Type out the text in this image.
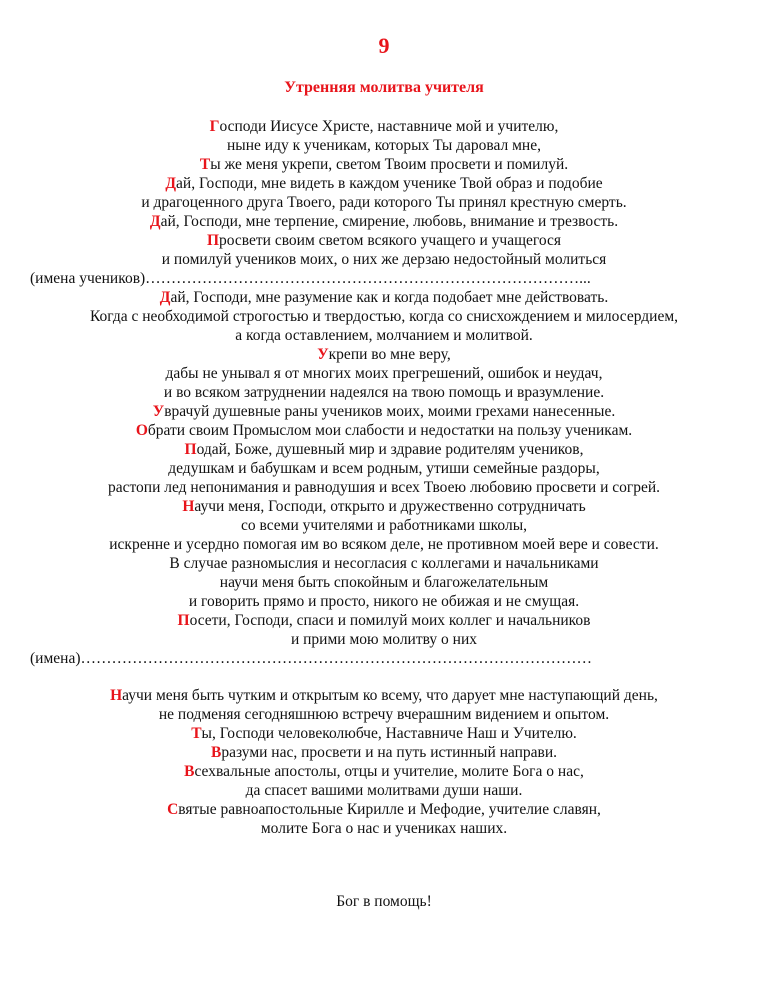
9
Утренняя молитва учителя
Господи Иисусе Христе, наставниче мой и учителю,
ныне иду к ученикам, которых Ты даровал мне,
Ты же меня укрепи, светом Твоим просвети и помилуй.
Дай, Господи, мне видеть в каждом ученике Твой образ и подобие
и драгоценного друга Твоего, ради которого Ты принял крестную смерть.
Дай, Господи, мне терпение, смирение, любовь, внимание и трезвость.
Просвети своим светом всякого учащего и учащегося
и помилуй учеников моих, о них же дерзаю недостойный молиться
(имена учеников)…………………………………………………………………………...
Дай, Господи, мне разумение как и когда подобает мне действовать.
Когда с необходимой строгостью и твердостью, когда со снисхождением и милосердием,
а когда оставлением, молчанием и молитвой.
Укрепи во мне веру,
дабы не унывал я от многих моих прегрешений, ошибок и неудач,
и во всяком затруднении надеялся на твою помощь и вразумление.
Уврачуй душевные раны учеников моих, моими грехами нанесенные.
Обрати своим Промыслом мои слабости и недостатки на пользу ученикам.
Подай, Боже, душевный мир и здравие родителям учеников,
дедушкам и бабушкам и всем родным, утиши семейные раздоры,
растопи лед непонимания и равнодушия и всех Твоею любовию просвети и согрей.
Научи меня, Господи, открыто и дружественно сотрудничать
со всеми учителями и работниками школы,
искренне и усердно помогая им во всяком деле, не противном моей вере и совести.
В случае разномыслия и несогласия с коллегами и начальниками
научи меня быть спокойным и благожелательным
и говорить прямо и просто, никого не обижая и не смущая.
Посети, Господи, спаси и помилуй моих коллег и начальников
и прими мою молитву о них
(имена)………………………………………………………………………………………
Научи меня быть чутким и открытым ко всему, что дарует мне наступающий день,
не подменяя сегодняшнюю встречу вчерашним видением и опытом.
Ты, Господи человеколюбче, Наставниче Наш и Учителю.
Вразуми нас, просвети и на путь истинный направи.
Всехвальные апостолы, отцы и учителие, молите Бога о нас,
да спасет вашими молитвами души наши.
Святые равноапостольные Кирилле и Мефодие, учителие славян,
молите Бога о нас и учениках наших.
Бог в помощь!
